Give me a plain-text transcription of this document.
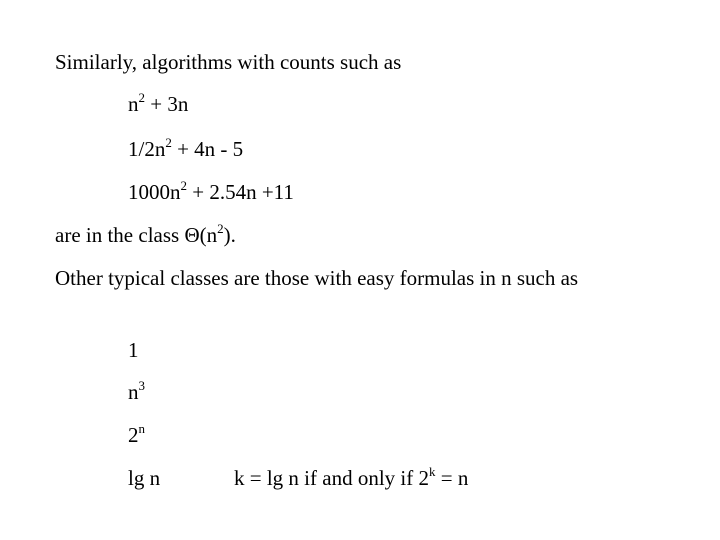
Similarly, algorithms with counts such as
$n^2 + 3n$
$1/2n^2 + 4n - 5$
$1000n^2 + 2.54n +11$
are in the class $\Theta(n^2)$.
Other typical classes are those with easy formulas in n such as
1
$n^3$
2$^n$
lg n	k = lg n if and only if $2^k = n$
